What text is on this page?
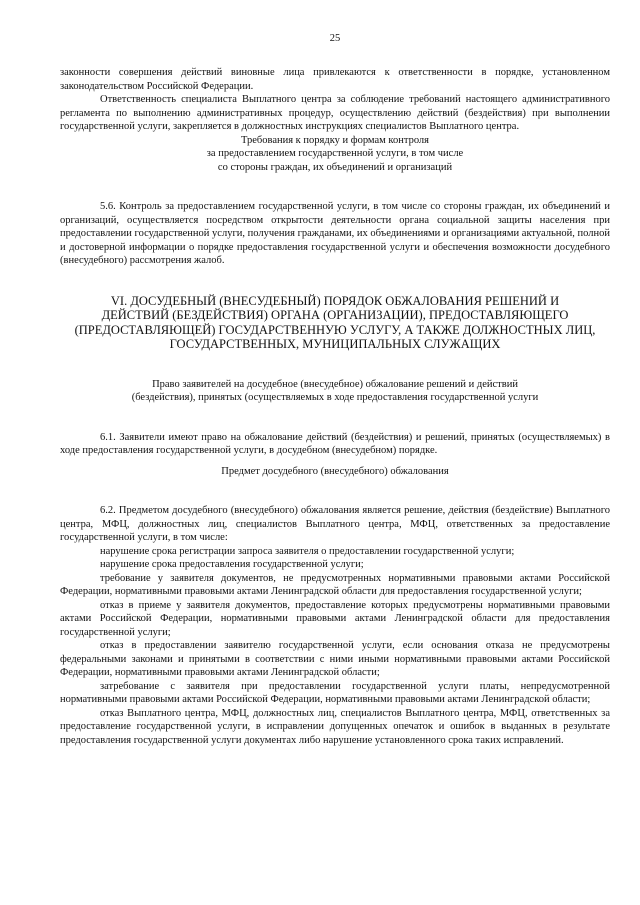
25

законности совершения действий виновные лица привлекаются к ответственности в порядке, установленном законодательством Российской Федерации.

Ответственность специалиста Выплатного центра за соблюдение требований настоящего административного регламента по выполнению административных процедур, осуществлению действий (бездействия) при выполнении государственной услуги, закрепляется в должностных инструкциях специалистов Выплатного центра.

Требования к порядку и формам контроля

за предоставлением государственной услуги, в том числе

со стороны граждан, их объединений и организаций

5.6. Контроль за предоставлением государственной услуги, в том числе со стороны граждан, их объединений и организаций, осуществляется посредством открытости деятельности органа социальной защиты населения при предоставлении государственной услуги, получения гражданами, их объединениями и организациями актуальной, полной и достоверной информации о порядке предоставления государственной услуги и обеспечения возможности досудебного (внесудебного) рассмотрения жалоб.

VI. ДОСУДЕБНЫЙ (ВНЕСУДЕБНЫЙ) ПОРЯДОК ОБЖАЛОВАНИЯ РЕШЕНИЙ И
ДЕЙСТВИЙ (БЕЗДЕЙСТВИЯ) ОРГАНА (ОРГАНИЗАЦИИ), ПРЕДОСТАВЛЯЮЩЕГО
(ПРЕДОСТАВЛЯЮЩЕЙ) ГОСУДАРСТВЕННУЮ УСЛУГУ, А ТАКЖЕ ДОЛЖНОСТНЫХ ЛИЦ,
ГОСУДАРСТВЕННЫХ, МУНИЦИПАЛЬНЫХ СЛУЖАЩИХ

Право заявителей на досудебное (внесудебное) обжалование решений и действий

(бездействия), принятых (осуществляемых в ходе предоставления государственной услуги

6.1. Заявители имеют право на обжалование действий (бездействия) и решений, принятых (осуществляемых) в ходе предоставления государственной услуги, в досудебном (внесудебном) порядке.

Предмет досудебного (внесудебного) обжалования

6.2. Предметом досудебного (внесудебного) обжалования является решение, действия (бездействие) Выплатного центра, МФЦ, должностных лиц, специалистов Выплатного центра, МФЦ, ответственных за предоставление государственной услуги, в том числе:

нарушение срока регистрации запроса заявителя о предоставлении государственной услуги;

нарушение срока предоставления государственной услуги;

требование у заявителя документов, не предусмотренных нормативными правовыми актами Российской Федерации, нормативными правовыми актами Ленинградской области для предоставления государственной услуги;

отказ в приеме у заявителя документов, предоставление которых предусмотрены нормативными правовыми актами Российской Федерации, нормативными правовыми актами Ленинградской области для предоставления государственной услуги;

отказ в предоставлении заявителю государственной услуги, если основания отказа не предусмотрены федеральными законами и принятыми в соответствии с ними иными нормативными правовыми актами Российской Федерации, нормативными правовыми актами Ленинградской области;

затребование с заявителя при предоставлении государственной услуги платы, непредусмотренной нормативными правовыми актами Российской Федерации, нормативными правовыми актами Ленинградской области;

отказ Выплатного центра, МФЦ, должностных лиц, специалистов Выплатного центра, МФЦ, ответственных за предоставление государственной услуги, в исправлении допущенных опечаток и ошибок в выданных в результате предоставления государственной услуги документах либо нарушение установленного срока таких исправлений.
